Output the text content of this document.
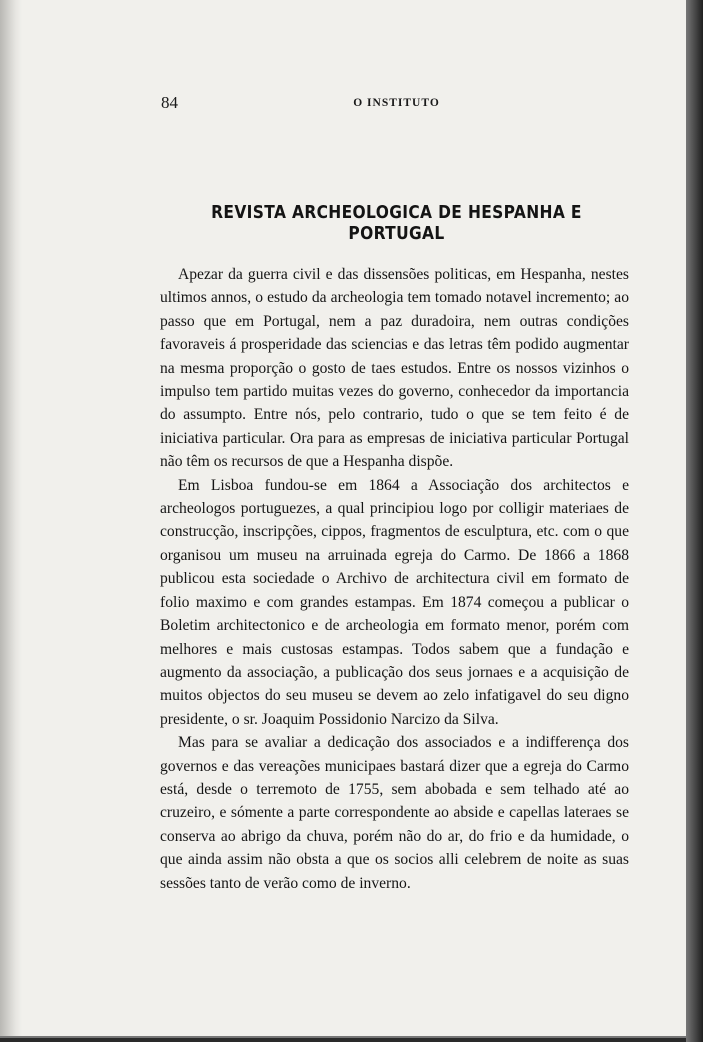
84	O INSTITUTO
REVISTA ARCHEOLOGICA DE HESPANHA E PORTUGAL

Apezar da guerra civil e das dissensões politicas, em Hespanha, nestes ultimos annos, o estudo da archeologia tem tomado notavel incremento; ao passo que em Portugal, nem a paz duradoira, nem outras condições favoraveis á prosperidade das sciencias e das letras têm podido augmentar na mesma proporção o gosto de taes estudos. Entre os nossos vizinhos o impulso tem partido muitas vezes do governo, conhecedor da importancia do assumpto. Entre nós, pelo contrario, tudo o que se tem feito é de iniciativa particular. Ora para as empresas de iniciativa particular Portugal não têm os recursos de que a Hespanha dispõe.

Em Lisboa fundou-se em 1864 a Associação dos architectos e archeologos portuguezes, a qual principiou logo por colligir materiaes de construcção, inscripções, cippos, fragmentos de esculptura, etc. com o que organisou um museu na arruinada egreja do Carmo. De 1866 a 1868 publicou esta sociedade o Archivo de architectura civil em formato de folio maximo e com grandes estampas. Em 1874 começou a publicar o Boletim architectonico e de archeologia em formato menor, porém com melhores e mais custosas estampas. Todos sabem que a fundação e augmento da associação, a publicação dos seus jornaes e a acquisição de muitos objectos do seu museu se devem ao zelo infatigavel do seu digno presidente, o sr. Joaquim Possidonio Narcizo da Silva.

Mas para se avaliar a dedicação dos associados e a indifferença dos governos e das vereações municipaes bastará dizer que a egreja do Carmo está, desde o terremoto de 1755, sem abobada e sem telhado até ao cruzeiro, e sómente a parte correspondente ao abside e capellas lateraes se conserva ao abrigo da chuva, porém não do ar, do frio e da humidade, o que ainda assim não obsta a que os socios alli celebrem de noite as suas sessões tanto de verão como de inverno.
